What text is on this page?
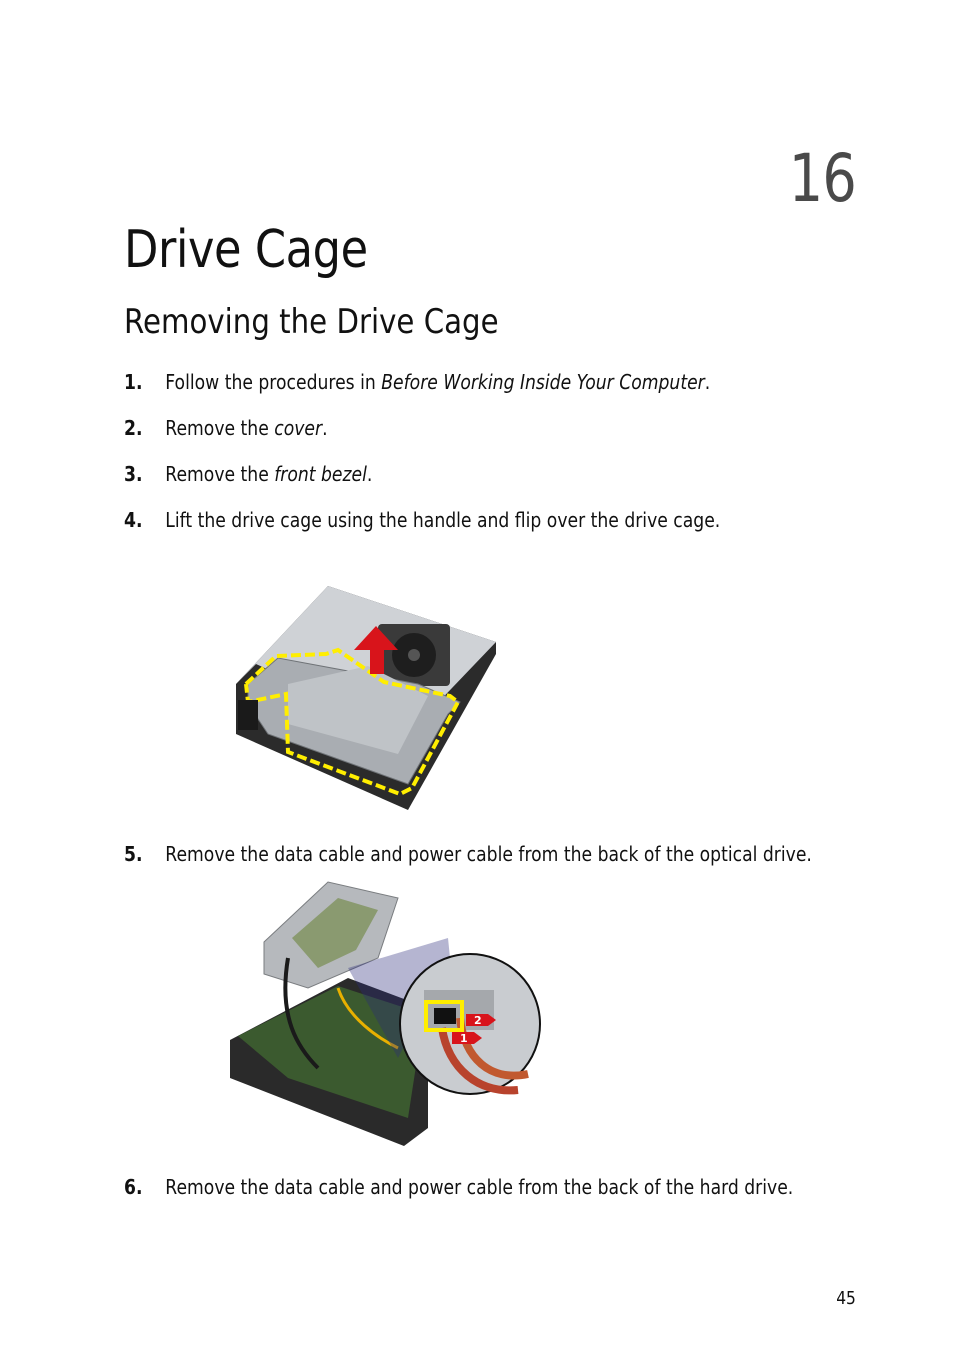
16
Drive Cage
Removing the Drive Cage
1. Follow the procedures in Before Working Inside Your Computer.
2. Remove the cover.
3. Remove the front bezel.
4. Lift the drive cage using the handle and flip over the drive cage.
5. Remove the data cable and power cable from the back of the optical drive.
1
2
6. Remove the data cable and power cable from the back of the hard drive.
45
